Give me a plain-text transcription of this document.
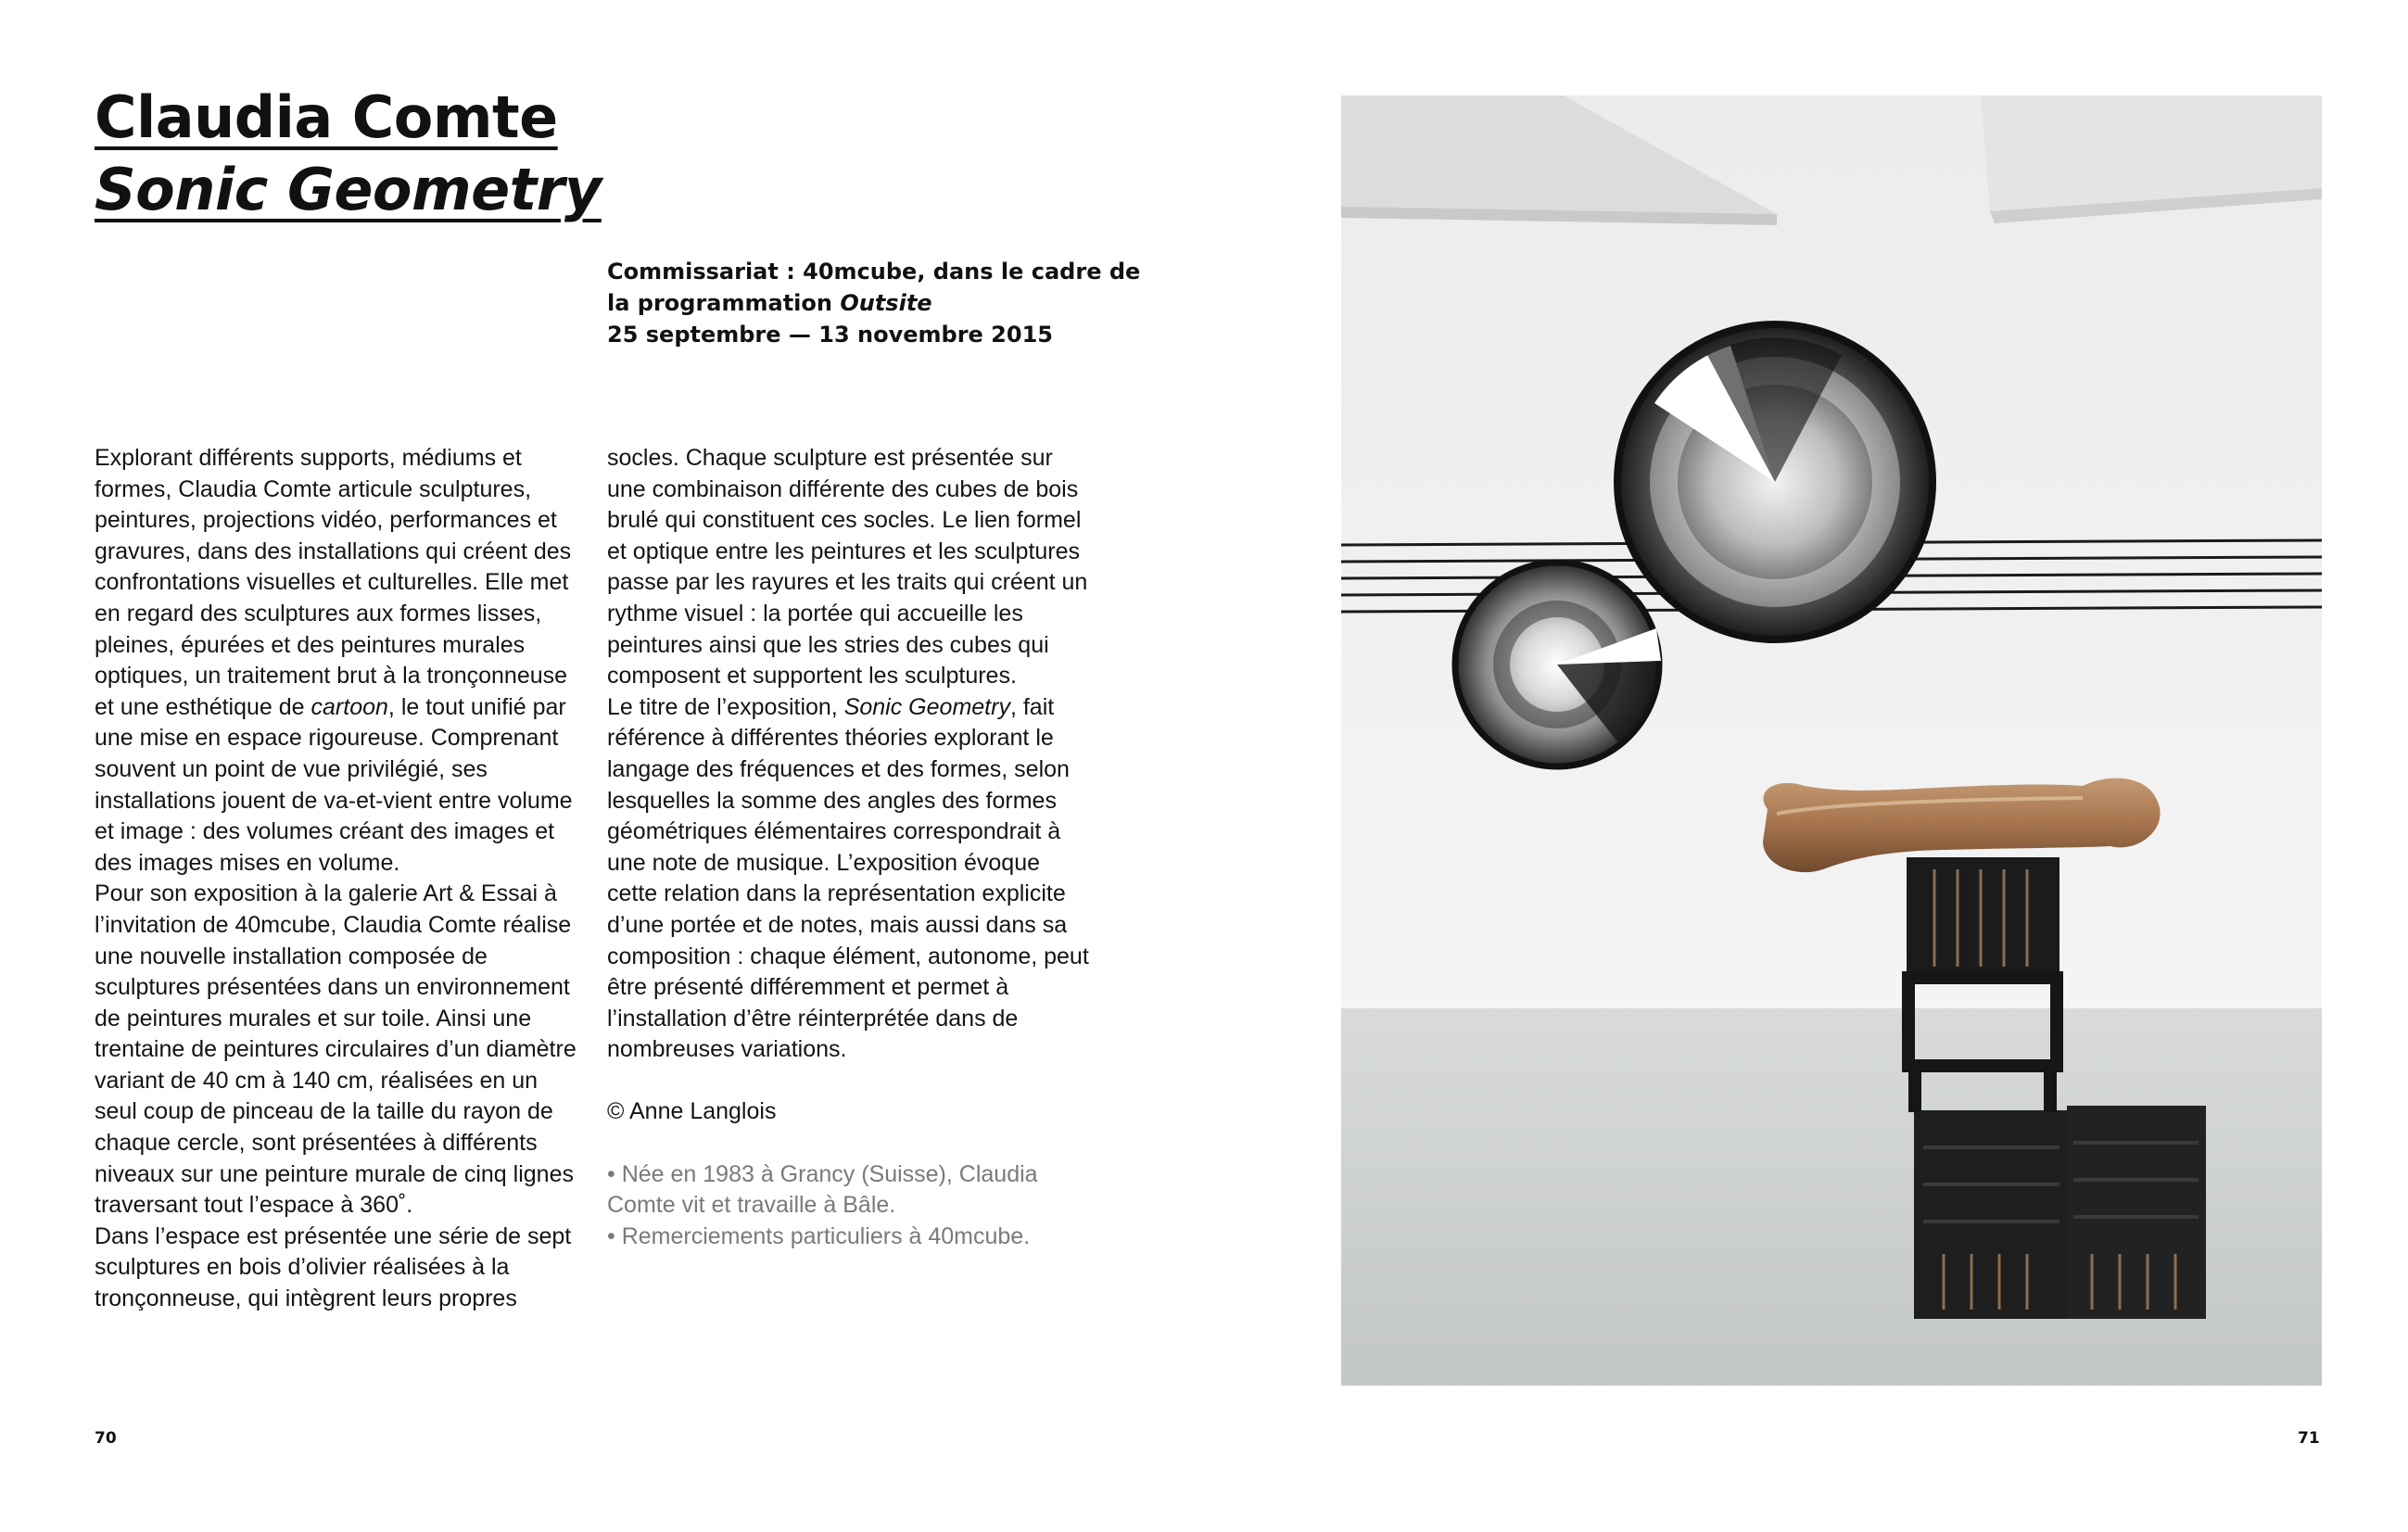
Claudia Comte
Sonic Geometry
Commissariat : 40mcube, dans le cadre de
la programmation Outsite
25 septembre — 13 novembre 2015

Explorant différents supports, médiums et formes, Claudia Comte articule sculptures, peintures, projections vidéo, performances et gravures, dans des installations qui créent des confrontations visuelles et culturelles. Elle met en regard des sculptures aux formes lisses, pleines, épurées et des peintures murales optiques, un traitement brut à la tronçonneuse et une esthétique de cartoon, le tout unifié par une mise en espace rigoureuse. Comprenant souvent un point de vue privilégié, ses installations jouent de va-et-vient entre volume et image : des volumes créant des images et des images mises en volume.

Pour son exposition à la galerie Art & Essai à l’invitation de 40mcube, Claudia Comte réalise une nouvelle installation composée de sculptures présentées dans un environnement de peintures murales et sur toile. Ainsi une trentaine de peintures circulaires d’un diamètre variant de 40 cm à 140 cm, réalisées en un seul coup de pinceau de la taille du rayon de chaque cercle, sont présentées à différents niveaux sur une peinture murale de cinq lignes traversant tout l’espace à 360˚.

Dans l’espace est présentée une série de sept sculptures en bois d’olivier réalisées à la tronçonneuse, qui intègrent leurs propres

socles. Chaque sculpture est présentée sur une combinaison différente des cubes de bois brulé qui constituent ces socles. Le lien formel et optique entre les peintures et les sculptures passe par les rayures et les traits qui créent un rythme visuel : la portée qui accueille les peintures ainsi que les stries des cubes qui composent et supportent les sculptures.

Le titre de l’exposition, Sonic Geometry, fait référence à différentes théories explorant le langage des fréquences et des formes, selon lesquelles la somme des angles des formes géométriques élémentaires correspondrait à une note de musique. L’exposition évoque cette relation dans la représentation explicite d’une portée et de notes, mais aussi dans sa composition : chaque élément, autonome, peut être présenté différemment et permet à l’installation d’être réinterprétée dans de nombreuses variations.

© Anne Langlois

• Née en 1983 à Grancy (Suisse), Claudia Comte vit et travaille à Bâle.

• Remerciements particuliers à 40mcube.

70	71
